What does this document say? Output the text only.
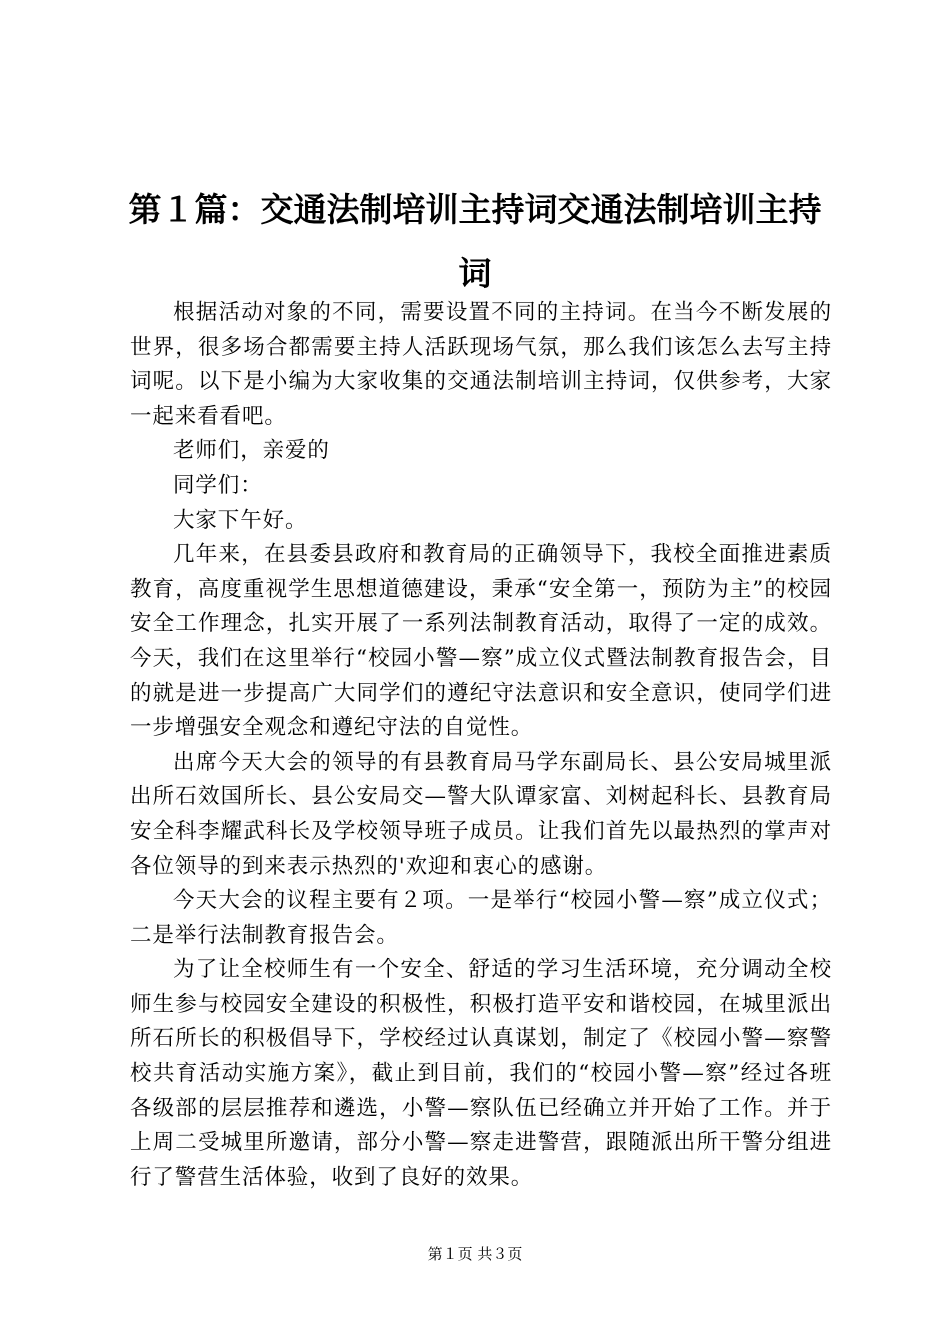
第１篇：交通法制培训主持词交通法制培训主持词

根据活动对象的不同，需要设置不同的主持词。在当今不断发展的世界，很多场合都需要主持人活跃现场气氛，那么我们该怎么去写主持词呢。以下是小编为大家收集的交通法制培训主持词，仅供参考，大家一起来看看吧。

老师们，亲爱的

同学们：

大家下午好。

几年来，在县委县政府和教育局的正确领导下，我校全面推进素质教育，高度重视学生思想道德建设，秉承“安全第一，预防为主”的校园安全工作理念，扎实开展了一系列法制教育活动，取得了一定的成效。今天，我们在这里举行“校园小警—察”成立仪式暨法制教育报告会，目的就是进一步提高广大同学们的遵纪守法意识和安全意识，使同学们进一步增强安全观念和遵纪守法的自觉性。

出席今天大会的领导的有县教育局马学东副局长、县公安局城里派出所石效国所长、县公安局交—警大队谭家富、刘树起科长、县教育局安全科李耀武科长及学校领导班子成员。让我们首先以最热烈的掌声对各位领导的到来表示热烈的'欢迎和衷心的感谢。

今天大会的议程主要有２项。一是举行“校园小警—察”成立仪式；二是举行法制教育报告会。

为了让全校师生有一个安全、舒适的学习生活环境，充分调动全校师生参与校园安全建设的积极性，积极打造平安和谐校园，在城里派出所石所长的积极倡导下，学校经过认真谋划，制定了《校园小警—察警校共育活动实施方案》，截止到目前，我们的“校园小警—察”经过各班各级部的层层推荐和遴选，小警—察队伍已经确立并开始了工作。并于上周二受城里所邀请，部分小警—察走进警营，跟随派出所干警分组进行了警营生活体验，收到了良好的效果。

第１页 共３页
